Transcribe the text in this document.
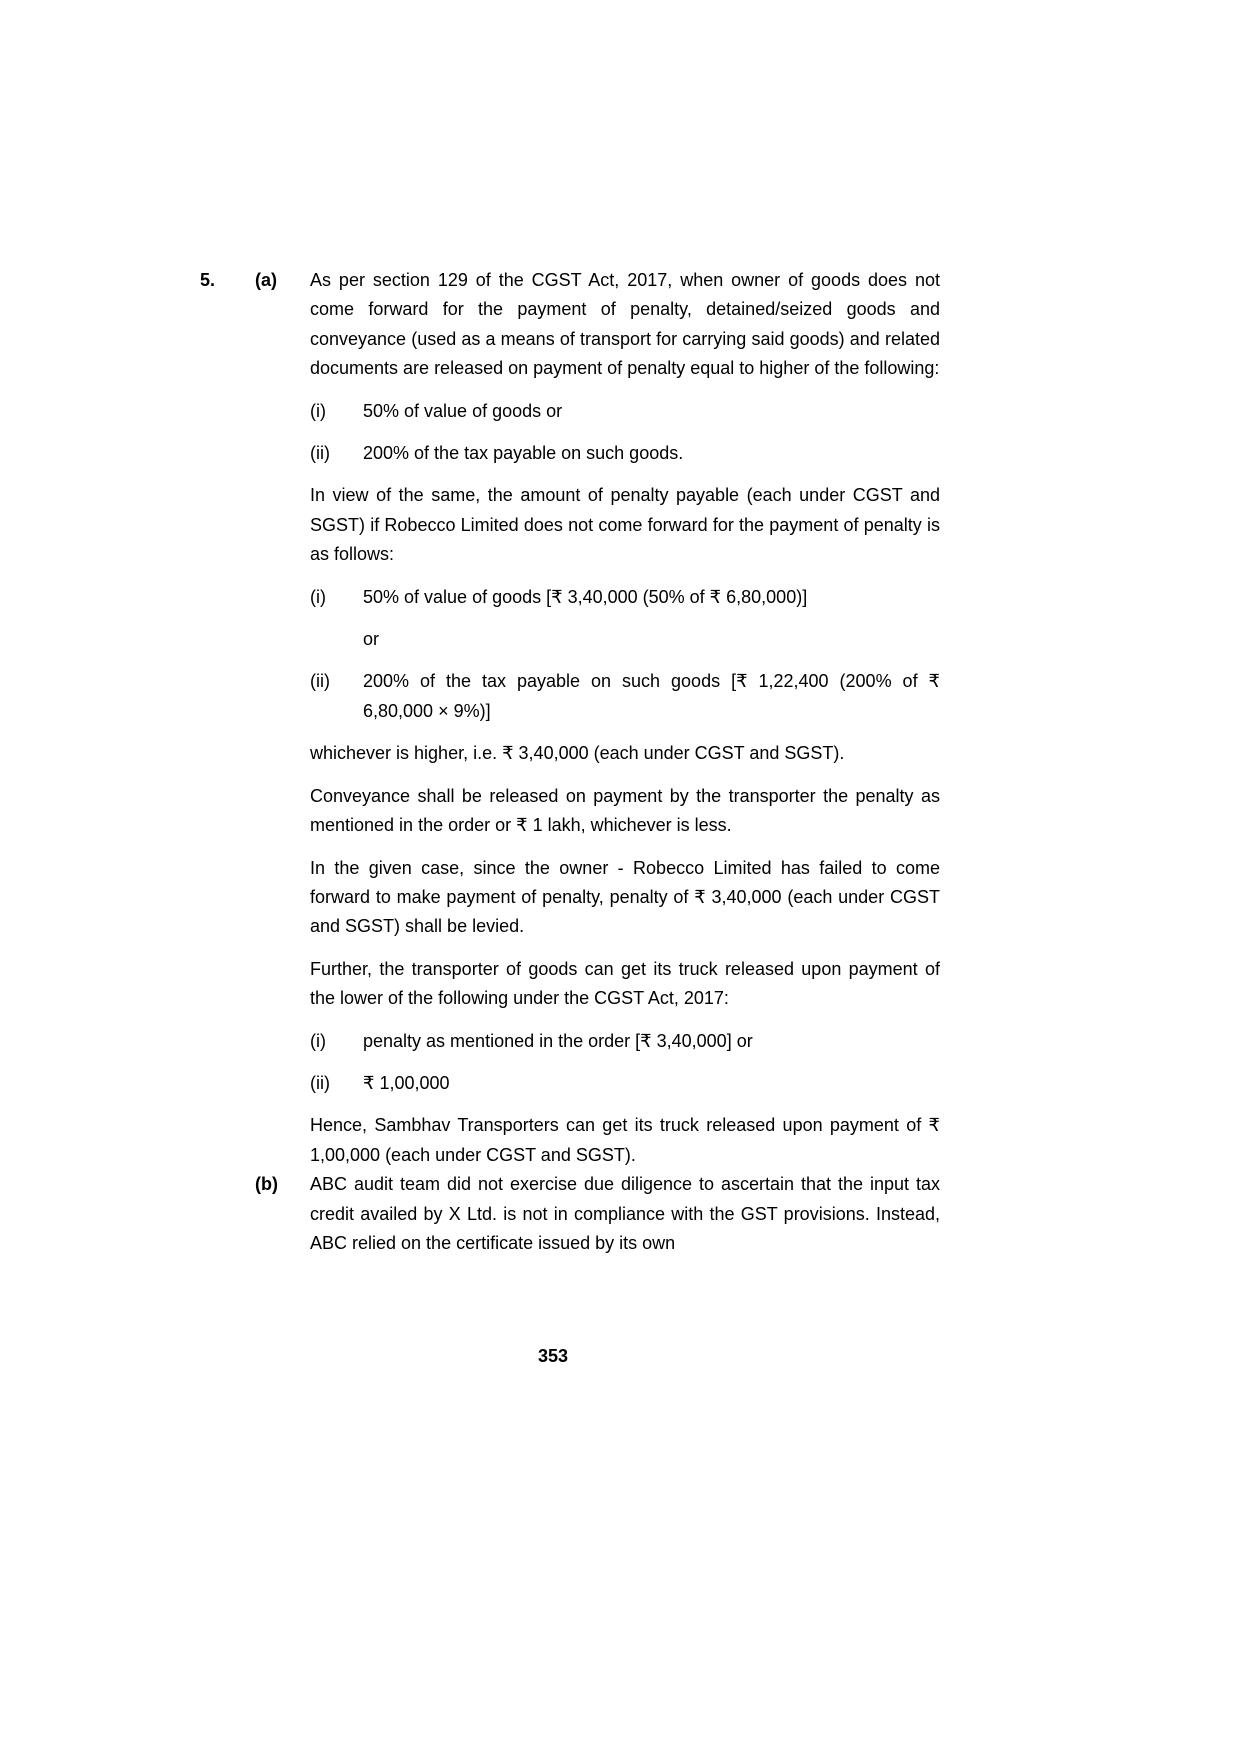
5.	(a)	As per section 129 of the CGST Act, 2017, when owner of goods does not come forward for the payment of penalty, detained/seized goods and conveyance (used as a means of transport for carrying said goods) and related documents are released on payment of penalty equal to higher of the following:
(i)	50% of value of goods or
(ii)	200% of the tax payable on such goods.
In view of the same, the amount of penalty payable (each under CGST and SGST) if Robecco Limited does not come forward for the payment of penalty is as follows:
(i)	50% of value of goods [₹ 3,40,000 (50% of ₹ 6,80,000)]
or
(ii)	200% of the tax payable on such goods [₹ 1,22,400 (200% of ₹ 6,80,000 × 9%)]
whichever is higher, i.e. ₹ 3,40,000 (each under CGST and SGST).
Conveyance shall be released on payment by the transporter the penalty as mentioned in the order or ₹ 1 lakh, whichever is less.
In the given case, since the owner - Robecco Limited has failed to come forward to make payment of penalty, penalty of ₹ 3,40,000 (each under CGST and SGST) shall be levied.
Further, the transporter of goods can get its truck released upon payment of the lower of the following under the CGST Act, 2017:
(i)	penalty as mentioned in the order [₹ 3,40,000] or
(ii)	₹ 1,00,000
Hence, Sambhav Transporters can get its truck released upon payment of ₹ 1,00,000 (each under CGST and SGST).
(b)	ABC audit team did not exercise due diligence to ascertain that the input tax credit availed by X Ltd. is not in compliance with the GST provisions. Instead, ABC relied on the certificate issued by its own
353
